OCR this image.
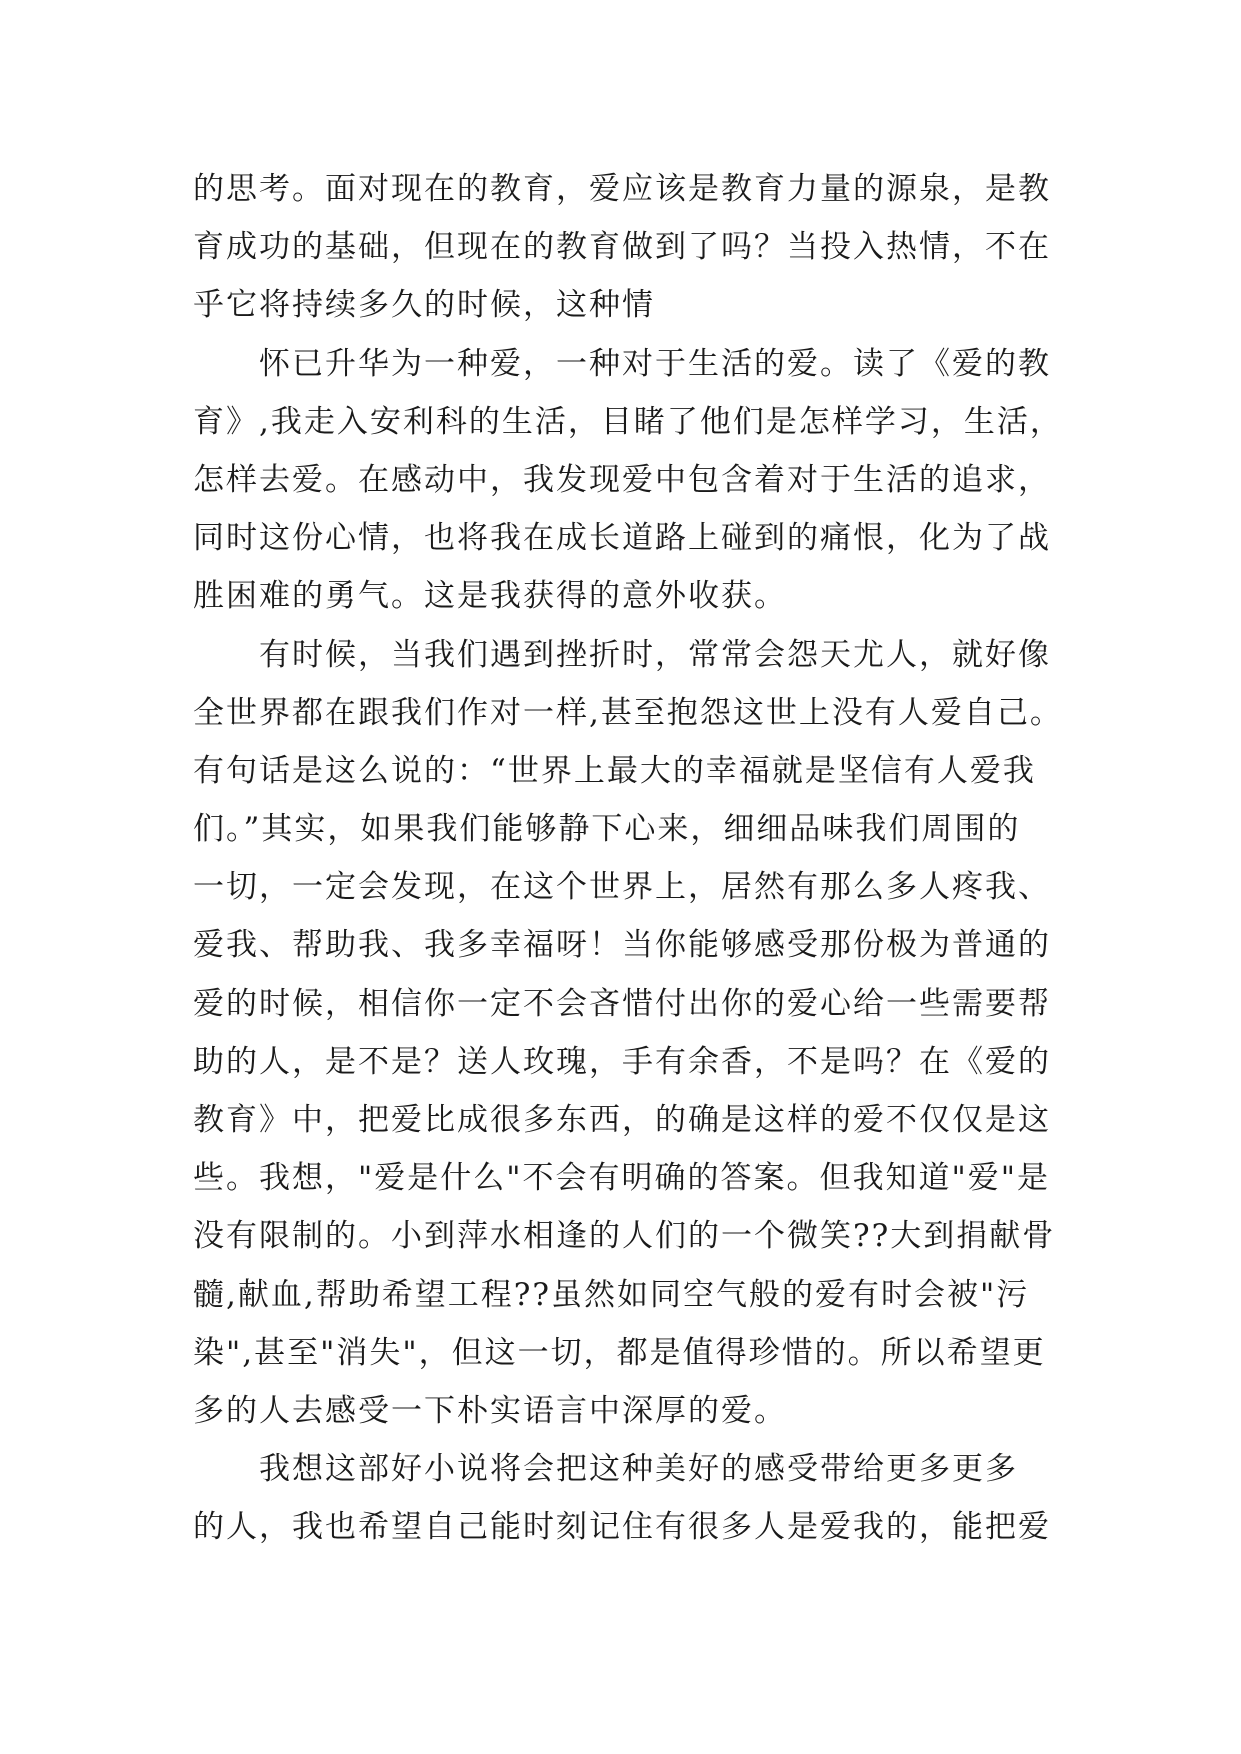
的思考。面对现在的教育，爱应该是教育力量的源泉，是教
育成功的基础，但现在的教育做到了吗？当投入热情，不在
乎它将持续多久的时候，这种情
　　怀已升华为一种爱，一种对于生活的爱。读了《爱的教
育》,我走入安利科的生活，目睹了他们是怎样学习，生活，
怎样去爱。在感动中，我发现爱中包含着对于生活的追求，
同时这份心情，也将我在成长道路上碰到的痛恨，化为了战
胜困难的勇气。这是我获得的意外收获。
　　有时候，当我们遇到挫折时，常常会怨天尤人，就好像
全世界都在跟我们作对一样,甚至抱怨这世上没有人爱自己。
有句话是这么说的：“世界上最大的幸福就是坚信有人爱我
们。”其实，如果我们能够静下心来，细细品味我们周围的
一切，一定会发现，在这个世界上，居然有那么多人疼我、
爱我、帮助我、我多幸福呀！当你能够感受那份极为普通的
爱的时候，相信你一定不会吝惜付出你的爱心给一些需要帮
助的人，是不是？送人玫瑰，手有余香，不是吗？在《爱的
教育》中，把爱比成很多东西，的确是这样的爱不仅仅是这
些。我想，"爱是什么"不会有明确的答案。但我知道"爱"是
没有限制的。小到萍水相逢的人们的一个微笑??大到捐献骨
髓,献血,帮助希望工程??虽然如同空气般的爱有时会被"污
染",甚至"消失"，但这一切，都是值得珍惜的。所以希望更
多的人去感受一下朴实语言中深厚的爱。
　　我想这部好小说将会把这种美好的感受带给更多更多
的人，我也希望自己能时刻记住有很多人是爱我的，能把爱
